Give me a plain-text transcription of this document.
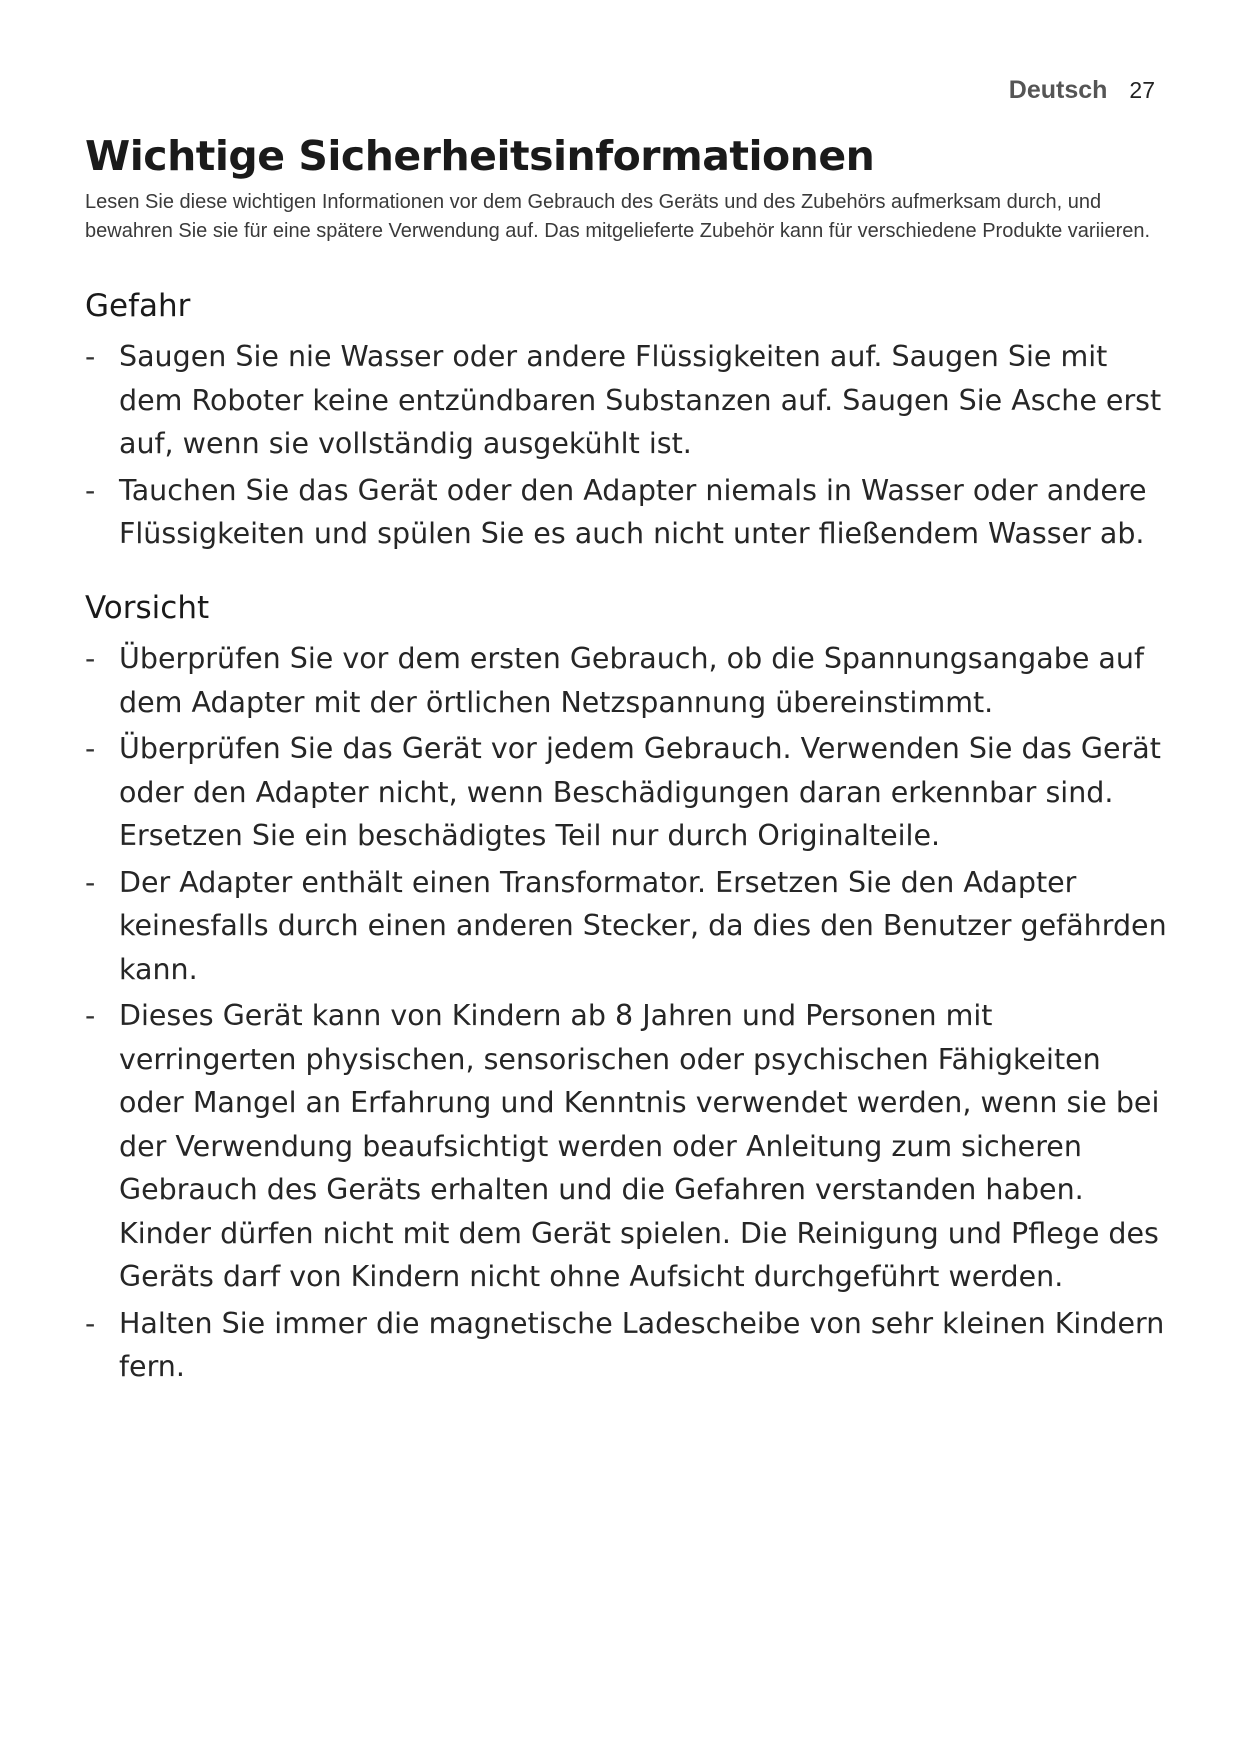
Deutsch 27
Wichtige Sicherheitsinformationen

Lesen Sie diese wichtigen Informationen vor dem Gebrauch des Geräts und des Zubehörs aufmerksam durch, und bewahren Sie sie für eine spätere Verwendung auf. Das mitgelieferte Zubehör kann für verschiedene Produkte variieren.

Gefahr
- Saugen Sie nie Wasser oder andere Flüssigkeiten auf. Saugen Sie mit dem Roboter keine entzündbaren Substanzen auf. Saugen Sie Asche erst auf, wenn sie vollständig ausgekühlt ist.
- Tauchen Sie das Gerät oder den Adapter niemals in Wasser oder andere Flüssigkeiten und spülen Sie es auch nicht unter fließendem Wasser ab.
Vorsicht
- Überprüfen Sie vor dem ersten Gebrauch, ob die Spannungsangabe auf dem Adapter mit der örtlichen Netzspannung übereinstimmt.
- Überprüfen Sie das Gerät vor jedem Gebrauch. Verwenden Sie das Gerät oder den Adapter nicht, wenn Beschädigungen daran erkennbar sind. Ersetzen Sie ein beschädigtes Teil nur durch Originalteile.
- Der Adapter enthält einen Transformator. Ersetzen Sie den Adapter keinesfalls durch einen anderen Stecker, da dies den Benutzer gefährden kann.
- Dieses Gerät kann von Kindern ab 8 Jahren und Personen mit verringerten physischen, sensorischen oder psychischen Fähigkeiten oder Mangel an Erfahrung und Kenntnis verwendet werden, wenn sie bei der Verwendung beaufsichtigt werden oder Anleitung zum sicheren Gebrauch des Geräts erhalten und die Gefahren verstanden haben. Kinder dürfen nicht mit dem Gerät spielen. Die Reinigung und Pflege des Geräts darf von Kindern nicht ohne Aufsicht durchgeführt werden.
- Halten Sie immer die magnetische Ladescheibe von sehr kleinen Kindern fern.
